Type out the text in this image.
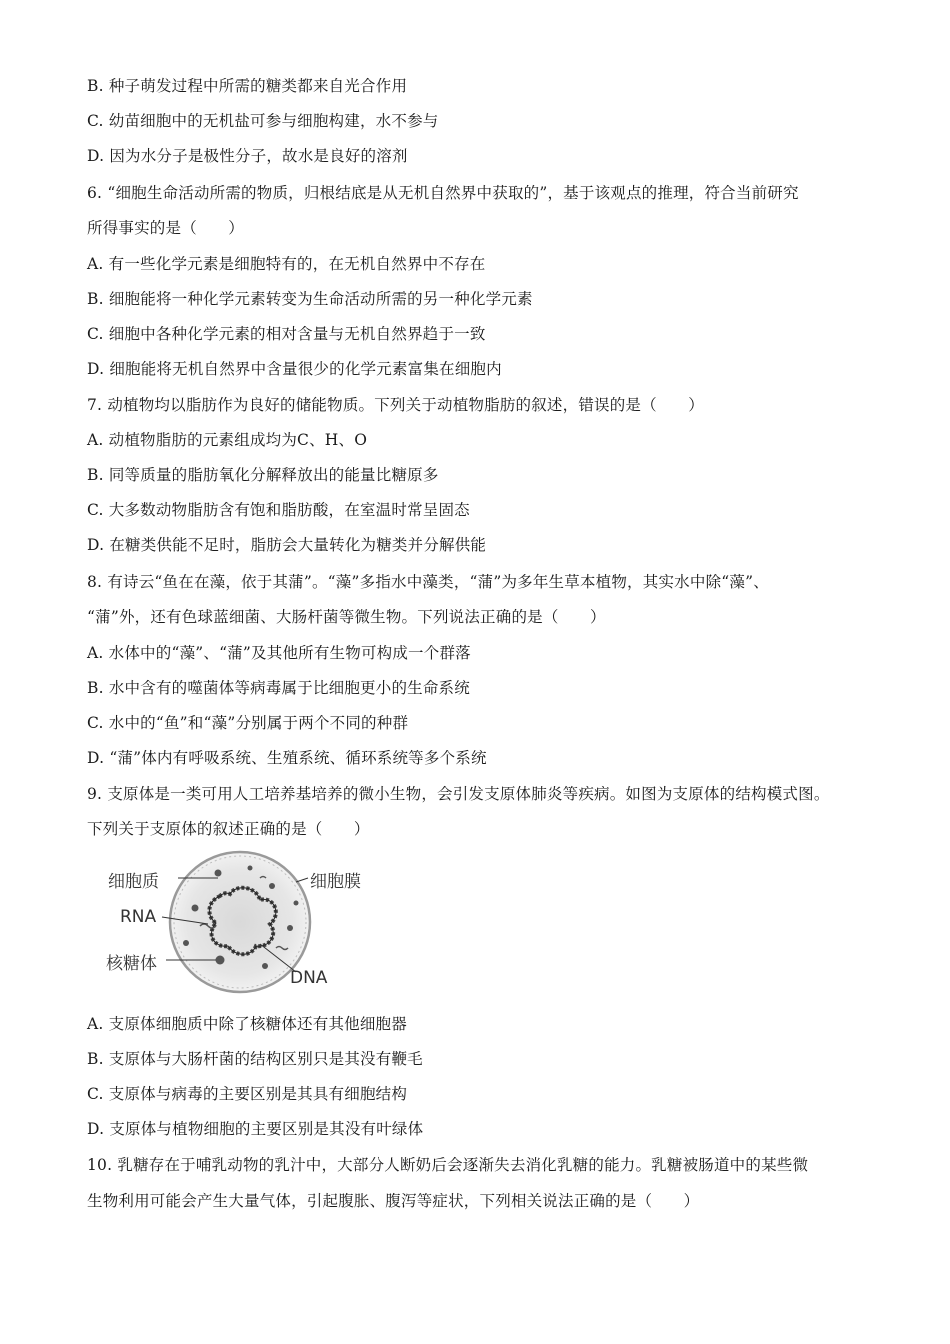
B. 种子萌发过程中所需的糖类都来自光合作用
C. 幼苗细胞中的无机盐可参与细胞构建，水不参与
D. 因为水分子是极性分子，故水是良好的溶剂
6. “细胞生命活动所需的物质，归根结底是从无机自然界中获取的”，基于该观点的推理，符合当前研究
所得事实的是（　　）
A. 有一些化学元素是细胞特有的，在无机自然界中不存在
B. 细胞能将一种化学元素转变为生命活动所需的另一种化学元素
C. 细胞中各种化学元素的相对含量与无机自然界趋于一致
D. 细胞能将无机自然界中含量很少的化学元素富集在细胞内
7. 动植物均以脂肪作为良好的储能物质。下列关于动植物脂肪的叙述，错误的是（　　）
A. 动植物脂肪的元素组成均为C、H、O
B. 同等质量的脂肪氧化分解释放出的能量比糖原多
C. 大多数动物脂肪含有饱和脂肪酸，在室温时常呈固态
D. 在糖类供能不足时，脂肪会大量转化为糖类并分解供能
8. 有诗云“鱼在在藻，依于其蒲”。“藻”多指水中藻类，“蒲”为多年生草本植物，其实水中除“藻”、
“蒲”外，还有色球蓝细菌、大肠杆菌等微生物。下列说法正确的是（　　）
A. 水体中的“藻”、“蒲”及其他所有生物可构成一个群落
B. 水中含有的噬菌体等病毒属于比细胞更小的生命系统
C. 水中的“鱼”和“藻”分别属于两个不同的种群
D. “蒲”体内有呼吸系统、生殖系统、循环系统等多个系统
9. 支原体是一类可用人工培养基培养的微小生物，会引发支原体肺炎等疾病。如图为支原体的结构模式图。
下列关于支原体的叙述正确的是（　　）
细胞质	细胞膜
RNA
核糖体
DNA
A. 支原体细胞质中除了核糖体还有其他细胞器
B. 支原体与大肠杆菌的结构区别只是其没有鞭毛
C. 支原体与病毒的主要区别是其具有细胞结构
D. 支原体与植物细胞的主要区别是其没有叶绿体
10. 乳糖存在于哺乳动物的乳汁中，大部分人断奶后会逐渐失去消化乳糖的能力。乳糖被肠道中的某些微
生物利用可能会产生大量气体，引起腹胀、腹泻等症状，下列相关说法正确的是（　　）
